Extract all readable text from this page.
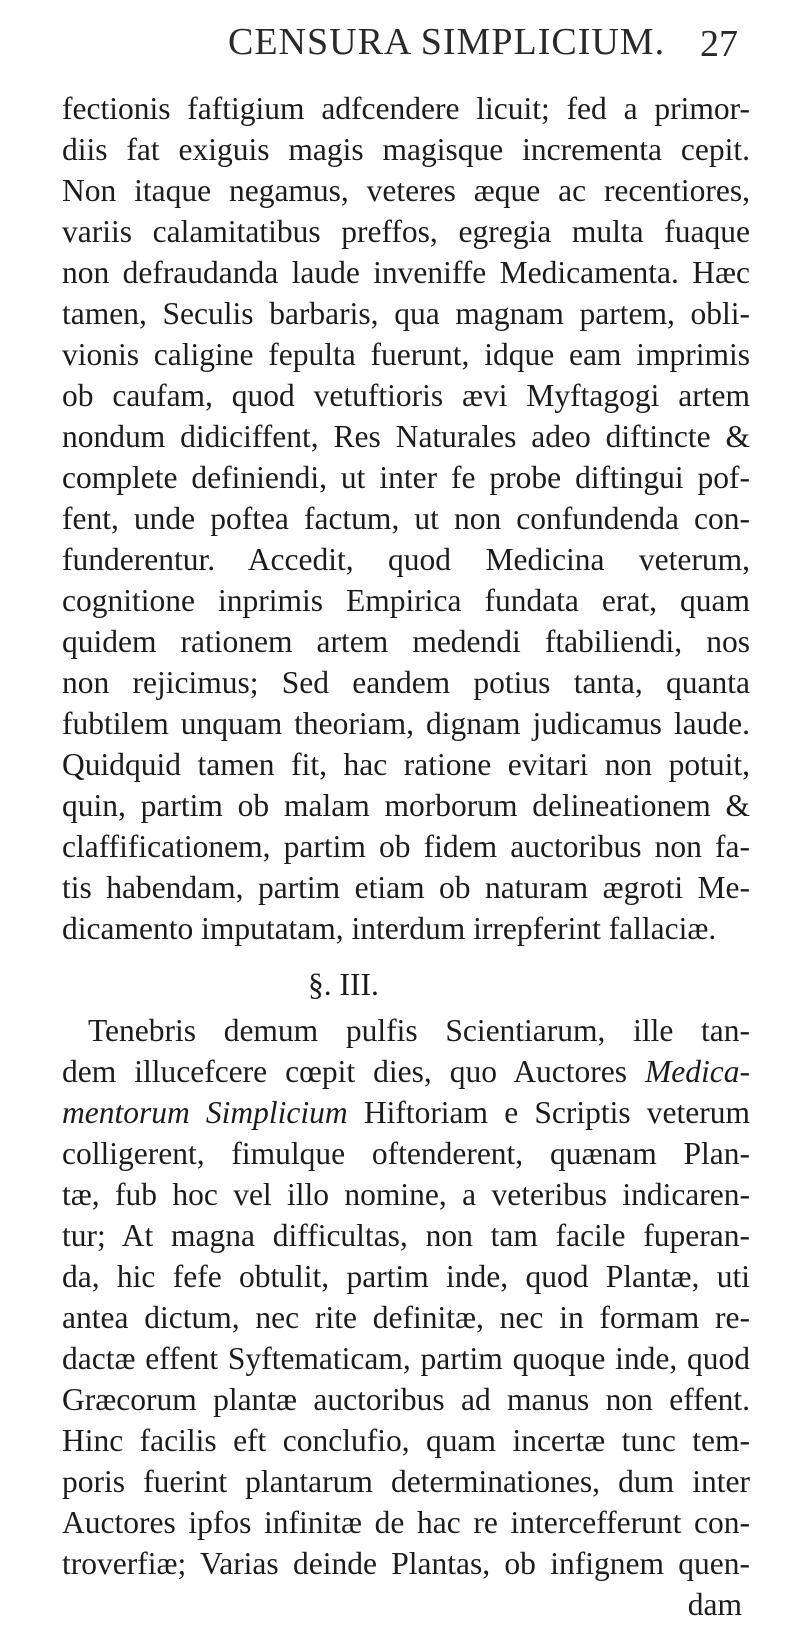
CENSURA SIMPLICIUM. 27
fectionis faftigium adfcendere licuit; fed a primor-
diis fat exiguis magis magisque incrementa cepit.
Non itaque negamus, veteres æque ac recentiores,
variis calamitatibus preffos, egregia multa fuaque
non defraudanda laude inveniffe Medicamenta. Hæc
tamen, Seculis barbaris, qua magnam partem, obli-
vionis caligine fepulta fuerunt, idque eam imprimis
ob caufam, quod vetuftioris ævi Myftagogi artem
nondum didiciffent, Res Naturales adeo diftincte &
complete definiendi, ut inter fe probe diftingui pof-
fent, unde poftea factum, ut non confundenda con-
funderentur. Accedit, quod Medicina veterum,
cognitione inprimis Empirica fundata erat, quam
quidem rationem artem medendi ftabiliendi, nos
non rejicimus; Sed eandem potius tanta, quanta
fubtilem unquam theoriam, dignam judicamus laude.
Quidquid tamen fit, hac ratione evitari non potuit,
quin, partim ob malam morborum delineationem &
claffificationem, partim ob fidem auctoribus non fa-
tis habendam, partim etiam ob naturam ægroti Me-
dicamento imputatam, interdum irrepferint fallaciæ.
§. III.
Tenebris demum pulfis Scientiarum, ille tan-
dem illucefcere cœpit dies, quo Auctores Medica-
mentorum Simplicium Hiftoriam e Scriptis veterum
colligerent, fimulque oftenderent, quænam Plan-
tæ, fub hoc vel illo nomine, a veteribus indicaren-
tur; At magna difficultas, non tam facile fuperan-
da, hic fefe obtulit, partim inde, quod Plantæ, uti
antea dictum, nec rite definitæ, nec in formam re-
dactæ effent Syftematicam, partim quoque inde, quod
Græcorum plantæ auctoribus ad manus non effent.
Hinc facilis eft conclufio, quam incertæ tunc tem-
poris fuerint plantarum determinationes, dum inter
Auctores ipfos infinitæ de hac re intercefferunt con-
troverfiæ; Varias deinde Plantas, ob infignem quen-
dam
